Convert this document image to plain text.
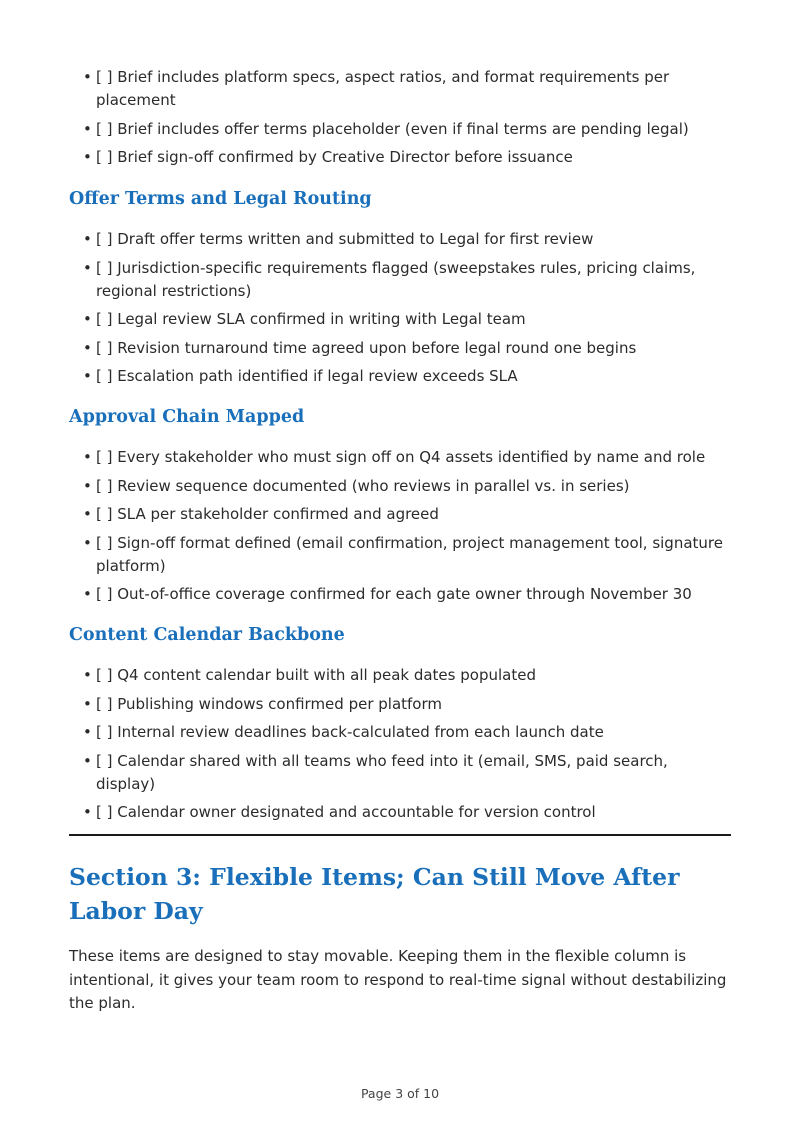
• [ ] Brief includes platform specs, aspect ratios, and format requirements per placement
• [ ] Brief includes offer terms placeholder (even if final terms are pending legal)
• [ ] Brief sign-off confirmed by Creative Director before issuance
Offer Terms and Legal Routing
• [ ] Draft offer terms written and submitted to Legal for first review
• [ ] Jurisdiction-specific requirements flagged (sweepstakes rules, pricing claims, regional restrictions)
• [ ] Legal review SLA confirmed in writing with Legal team
• [ ] Revision turnaround time agreed upon before legal round one begins
• [ ] Escalation path identified if legal review exceeds SLA
Approval Chain Mapped
• [ ] Every stakeholder who must sign off on Q4 assets identified by name and role
• [ ] Review sequence documented (who reviews in parallel vs. in series)
• [ ] SLA per stakeholder confirmed and agreed
• [ ] Sign-off format defined (email confirmation, project management tool, signature platform)
• [ ] Out-of-office coverage confirmed for each gate owner through November 30
Content Calendar Backbone
• [ ] Q4 content calendar built with all peak dates populated
• [ ] Publishing windows confirmed per platform
• [ ] Internal review deadlines back-calculated from each launch date
• [ ] Calendar shared with all teams who feed into it (email, SMS, paid search, display)
• [ ] Calendar owner designated and accountable for version control
Section 3: Flexible Items; Can Still Move After Labor Day

These items are designed to stay movable. Keeping them in the flexible column is intentional, it gives your team room to respond to real-time signal without destabilizing the plan.

Page 3 of 10
